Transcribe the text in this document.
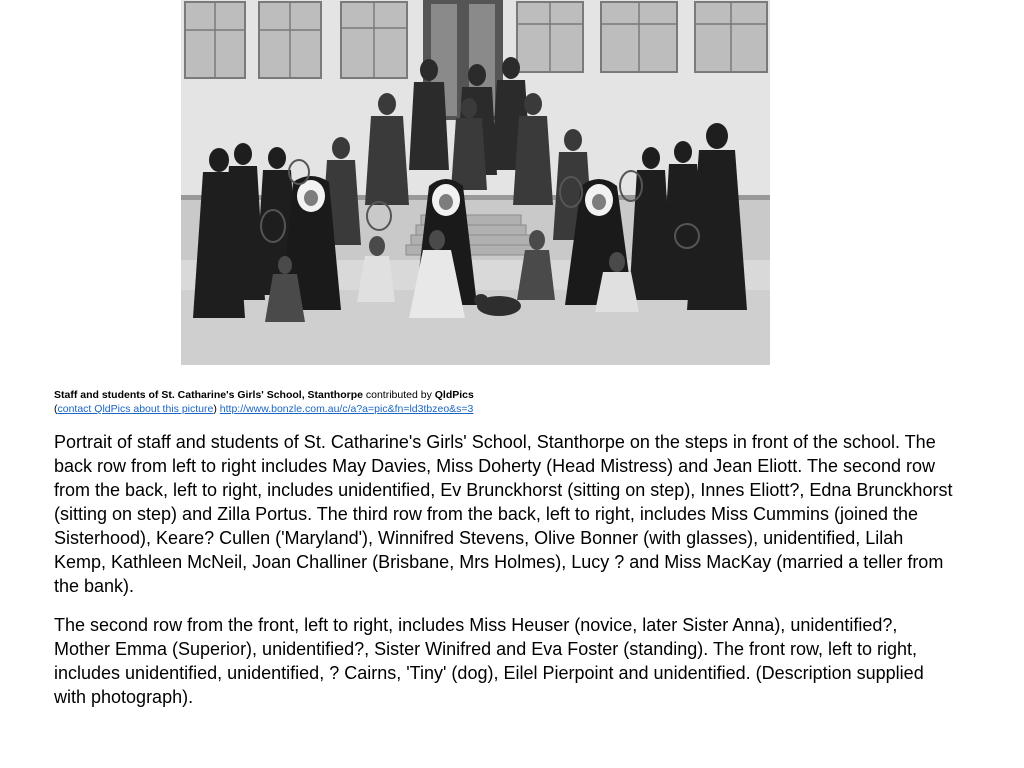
Staff and students of St. Catharine's Girls' School, Stanthorpe contributed by QldPics
(contact QldPics about this picture) http://www.bonzle.com.au/c/a?a=pic&fn=ld3tbzeo&s=3

Portrait of staff and students of St. Catharine's Girls' School, Stanthorpe on the steps in front of the school. The back row from left to right includes May Davies, Miss Doherty (Head Mistress) and Jean Eliott. The second row from the back, left to right, includes unidentified, Ev Brunckhorst (sitting on step), Innes Eliott?, Edna Brunckhorst (sitting on step) and Zilla Portus. The third row from the back, left to right, includes Miss Cummins (joined the Sisterhood), Keare? Cullen ('Maryland'), Winnifred Stevens, Olive Bonner (with glasses), unidentified, Lilah Kemp, Kathleen McNeil, Joan Challiner (Brisbane, Mrs Holmes), Lucy ? and Miss MacKay (married a teller from the bank).

The second row from the front, left to right, includes Miss Heuser (novice, later Sister Anna), unidentified?, Mother Emma (Superior), unidentified?, Sister Winifred and Eva Foster (standing). The front row, left to right, includes unidentified, unidentified, ? Cairns, 'Tiny' (dog), Eilel Pierpoint and unidentified. (Description supplied with photograph).
